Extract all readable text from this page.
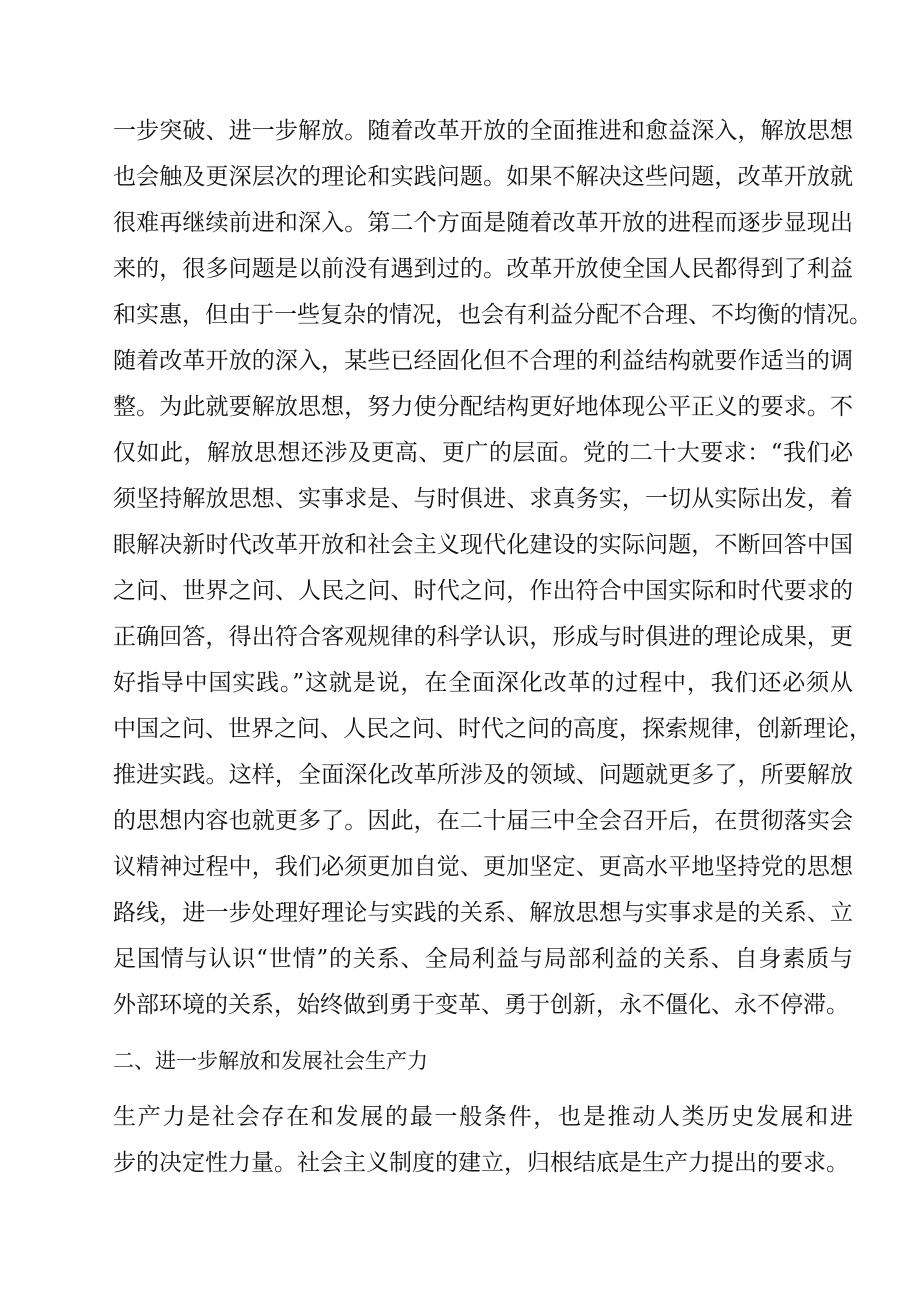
一步突破、进一步解放。随着改革开放的全面推进和愈益深入，解放思想
也会触及更深层次的理论和实践问题。如果不解决这些问题，改革开放就
很难再继续前进和深入。第二个方面是随着改革开放的进程而逐步显现出
来的，很多问题是以前没有遇到过的。改革开放使全国人民都得到了利益
和实惠，但由于一些复杂的情况，也会有利益分配不合理、不均衡的情况。
随着改革开放的深入，某些已经固化但不合理的利益结构就要作适当的调
整。为此就要解放思想，努力使分配结构更好地体现公平正义的要求。不
仅如此，解放思想还涉及更高、更广的层面。党的二十大要求：“我们必
须坚持解放思想、实事求是、与时俱进、求真务实，一切从实际出发，着
眼解决新时代改革开放和社会主义现代化建设的实际问题，不断回答中国
之问、世界之问、人民之问、时代之问，作出符合中国实际和时代要求的
正确回答，得出符合客观规律的科学认识，形成与时俱进的理论成果，更
好指导中国实践。”这就是说，在全面深化改革的过程中，我们还必须从
中国之问、世界之问、人民之问、时代之问的高度，探索规律，创新理论，
推进实践。这样，全面深化改革所涉及的领域、问题就更多了，所要解放
的思想内容也就更多了。因此，在二十届三中全会召开后，在贯彻落实会
议精神过程中，我们必须更加自觉、更加坚定、更高水平地坚持党的思想
路线，进一步处理好理论与实践的关系、解放思想与实事求是的关系、立
足国情与认识“世情”的关系、全局利益与局部利益的关系、自身素质与
外部环境的关系，始终做到勇于变革、勇于创新，永不僵化、永不停滞。
二、进一步解放和发展社会生产力
生产力是社会存在和发展的最一般条件，也是推动人类历史发展和进
步的决定性力量。社会主义制度的建立，归根结底是生产力提出的要求。
